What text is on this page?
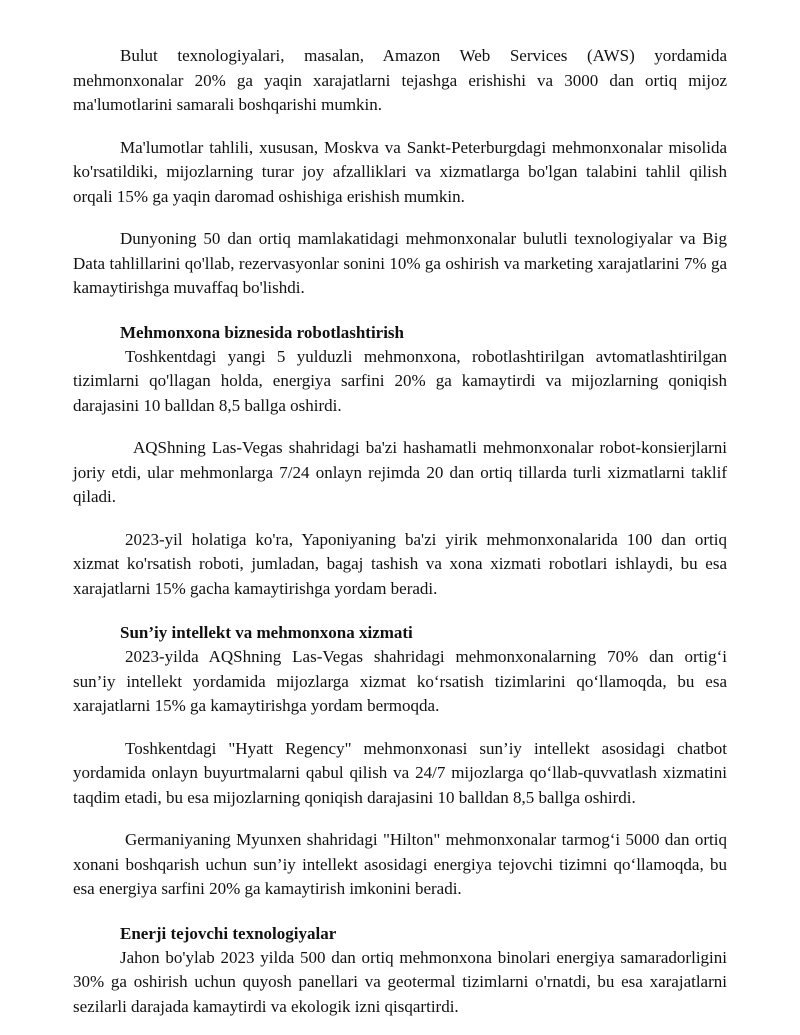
Bulut texnologiyalari, masalan, Amazon Web Services (AWS) yordamida mehmonxonalar 20% ga yaqin xarajatlarni tejashga erishishi va 3000 dan ortiq mijoz ma'lumotlarini samarali boshqarishi mumkin.

Ma'lumotlar tahlili, xususan, Moskva va Sankt-Peterburgdagi mehmonxonalar misolida ko'rsatildiki, mijozlarning turar joy afzalliklari va xizmatlarga bo'lgan talabini tahlil qilish orqali 15% ga yaqin daromad oshishiga erishish mumkin.

Dunyoning 50 dan ortiq mamlakatidagi mehmonxonalar bulutli texnologiyalar va Big Data tahlillarini qo'llab, rezervasyonlar sonini 10% ga oshirish va marketing xarajatlarini 7% ga kamaytirishga muvaffaq bo'lishdi.

Mehmonxona biznesida robotlashtirish

Toshkentdagi yangi 5 yulduzli mehmonxona, robotlashtirilgan avtomatlashtirilgan tizimlarni qo'llagan holda, energiya sarfini 20% ga kamaytirdi va mijozlarning qoniqish darajasini 10 balldan 8,5 ballga oshirdi.

AQShning Las-Vegas shahridagi ba'zi hashamatli mehmonxonalar robot-konsierjlarni joriy etdi, ular mehmonlarga 7/24 onlayn rejimda 20 dan ortiq tillarda turli xizmatlarni taklif qiladi.

2023-yil holatiga ko'ra, Yaponiyaning ba'zi yirik mehmonxonalarida 100 dan ortiq xizmat ko'rsatish roboti, jumladan, bagaj tashish va xona xizmati robotlari ishlaydi, bu esa xarajatlarni 15% gacha kamaytirishga yordam beradi.

Sun’iy intellekt va mehmonxona xizmati

2023-yilda AQShning Las-Vegas shahridagi mehmonxonalarning 70% dan ortig‘i sun’iy intellekt yordamida mijozlarga xizmat ko‘rsatish tizimlarini qo‘llamoqda, bu esa xarajatlarni 15% ga kamaytirishga yordam bermoqda.

Toshkentdagi "Hyatt Regency" mehmonxonasi sun’iy intellekt asosidagi chatbot yordamida onlayn buyurtmalarni qabul qilish va 24/7 mijozlarga qo‘llab-quvvatlash xizmatini taqdim etadi, bu esa mijozlarning qoniqish darajasini 10 balldan 8,5 ballga oshirdi.

Germaniyaning Myunxen shahridagi "Hilton" mehmonxonalar tarmog‘i 5000 dan ortiq xonani boshqarish uchun sun’iy intellekt asosidagi energiya tejovchi tizimni qo‘llamoqda, bu esa energiya sarfini 20% ga kamaytirish imkonini beradi.

Enerji tejovchi texnologiyalar

Jahon bo'ylab 2023 yilda 500 dan ortiq mehmonxona binolari energiya samaradorligini 30% ga oshirish uchun quyosh panellari va geotermal tizimlarni o'rnatdi, bu esa xarajatlarni sezilarli darajada kamaytirdi va ekologik izni qisqartirdi.
